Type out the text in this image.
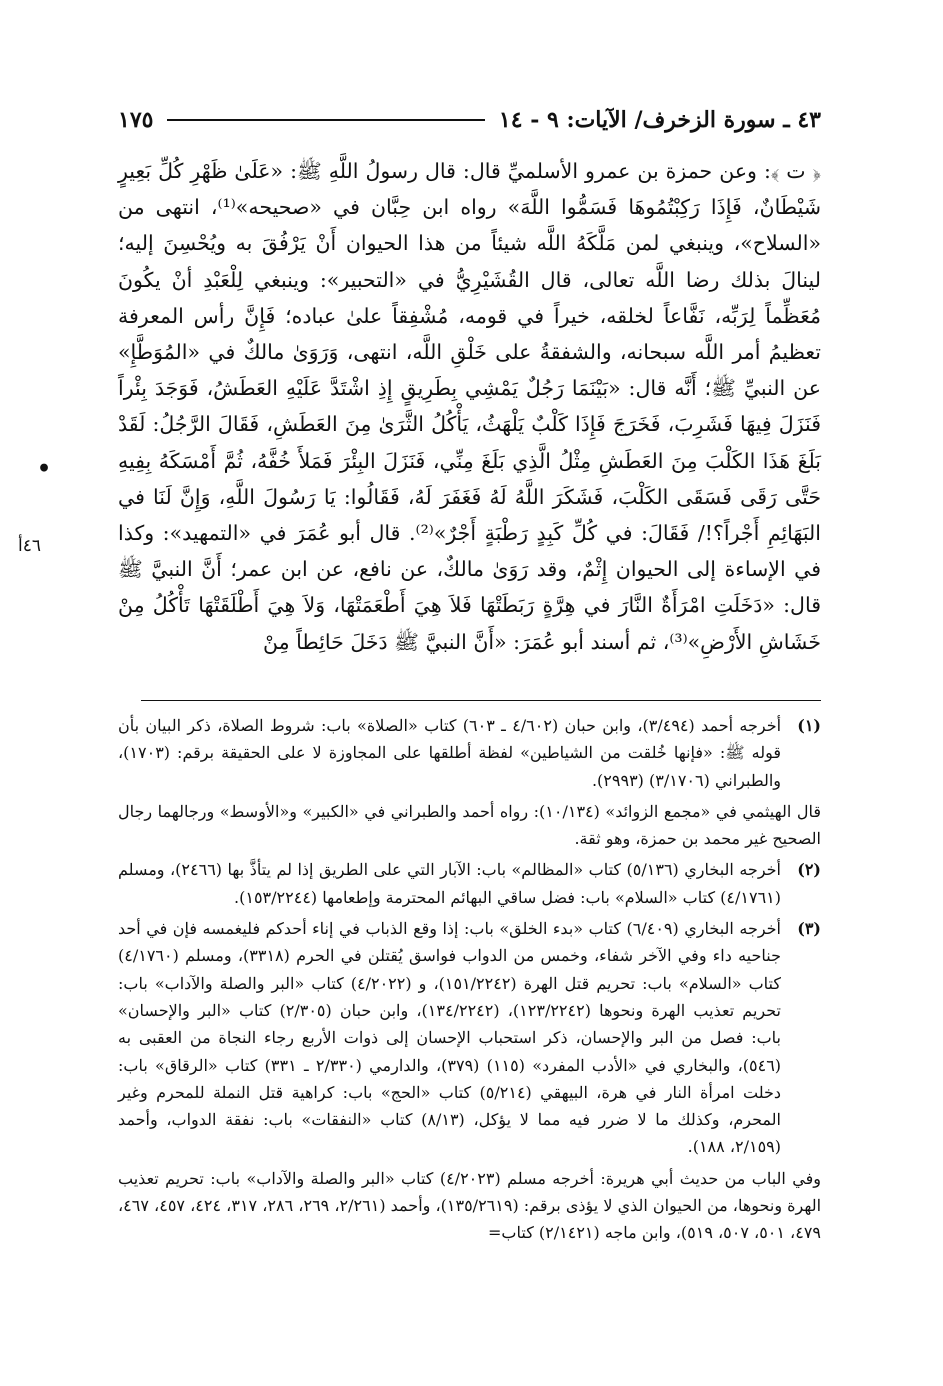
٤٣ ـ سورة الزخرف/ الآيات: ٩ - ١٤
١٧٥
•
٤٦أ

﴿ ت ﴾: وعن حمزة بن عمرو الأسلميِّ قال: قال رسولُ اللَّهِ ﷺ: «عَلَىٰ ظَهْرِ كُلِّ بَعِيرٍ شَيْطَانٌ، فَإِذَا رَكِبْتُمُوهَا فَسَمُّوا اللَّهَ» رواه ابن حِبَّان في «صحيحه»⁽¹⁾، انتهى من «السلاح»، وينبغي لمن مَلَّكَهُ اللَّه شيئاً من هذا الحيوان أَنْ يَرْفُقَ به ويُحْسِنَ إليه؛ لينالَ بذلك رضا اللَّه تعالى، قال القُشَيْرِيُّ في «التحبير»: وينبغي لِلْعَبْدِ أنْ يكُونَ مُعَظِّماً لِرَبِّه، نَفَّاعاً لخلقه، خيراً في قومه، مُشْفِقاً علىٰ عباده؛ فَإِنَّ رأس المعرفة تعظيمُ أمر اللَّه سبحانه، والشفقةُ على خَلْقِ اللَّه، انتهى، وَرَوَىٰ مالكٌ في «المُوَطَّإِ» عن النبيِّ ﷺ؛ أَنَّه قال: «بَيْنَمَا رَجُلٌ يَمْشِي بِطَرِيقٍ إِذِ اشْتَدَّ عَلَيْهِ العَطَشُ، فَوَجَدَ بِئْراً فَنَزَلَ فِيهَا فَشَرِبَ، فَخَرَجَ فَإِذَا كَلْبٌ يَلْهَثُ، يَأْكُلُ الثَّرَىٰ مِنَ العَطَشِ، فَقَالَ الرَّجُلُ: لَقَدْ بَلَغَ هَذَا الكَلْبَ مِنَ العَطَشِ مِثْلُ الَّذِي بَلَغَ مِنِّي، فَنَزَلَ البِئْرَ فَمَلأَ خُفَّهُ، ثُمَّ أَمْسَكَهُ بِفِيهِ حَتَّى رَقَى فَسَقَى الكَلْبَ، فَشَكَرَ اللَّهُ لَهُ فَغَفَرَ لَهُ، فَقَالُوا: يَا رَسُولَ اللَّهِ، وَإِنَّ لَنَا في البَهَائِمِ أَجْراً؟!/ فَقَالَ: في كُلِّ كَبِدٍ رَطْبَةٍ أَجْرٌ»⁽²⁾. قال أبو عُمَرَ في «التمهيد»: وكذا في الإساءة إلى الحيوان إِثْمٌ، وقد رَوَىٰ مالكٌ، عن نافع، عن ابن عمر؛ أَنَّ النبيَّ ﷺ قال: «دَخَلَتِ امْرَأَةٌ النَّارَ في هِرَّةٍ رَبَطَتْهَا فَلاَ هِيَ أَطْعَمَتْهَا، وَلاَ هِيَ أَطْلَقَتْهَا تَأْكُلُ مِنْ خَشَاشِ الأَرْضِ»⁽³⁾، ثم أسند أبو عُمَرَ: «أَنَّ النبيَّ ﷺ دَخَلَ حَائِطاً مِنْ

(١)

أخرجه أحمد (٣/٤٩٤)، وابن حبان (٤/٦٠٢ ـ ٦٠٣) كتاب «الصلاة» باب: شروط الصلاة، ذكر البيان بأن قوله ﷺ: «فإنها خُلقت من الشياطين» لفظة أطلقها على المجاوزة لا على الحقيقة برقم: (١٧٠٣)، والطبراني (٣/١٧٠٦) (٢٩٩٣).

قال الهيثمي في «مجمع الزوائد» (١٠/١٣٤): رواه أحمد والطبراني في «الكبير» و«الأوسط» ورجالهما رجال الصحيح غير محمد بن حمزة، وهو ثقة.

(٢)

أخرجه البخاري (٥/١٣٦) كتاب «المظالم» باب: الآبار التي على الطريق إذا لم يتأذَّ بها (٢٤٦٦)، ومسلم (٤/١٧٦١) كتاب «السلام» باب: فضل ساقي البهائم المحترمة وإطعامها (١٥٣/٢٢٤٤).

(٣)

أخرجه البخاري (٦/٤٠٩) كتاب «بدء الخلق» باب: إذا وقع الذباب في إناء أحدكم فليغمسه فإن في أحد جناحيه داء وفي الآخر شفاء، وخمس من الدواب فواسق يُقتلن في الحرم (٣٣١٨)، ومسلم (٤/١٧٦٠) كتاب «السلام» باب: تحريم قتل الهرة (١٥١/٢٢٤٢)، و (٤/٢٠٢٢) كتاب «البر والصلة والآداب» باب: تحريم تعذيب الهرة ونحوها (١٢٣/٢٢٤٢)، (١٣٤/٢٢٤٢)، وابن حبان (٢/٣٠٥) كتاب «البر والإحسان» باب: فصل من البر والإحسان، ذكر استحباب الإحسان إلى ذوات الأربع رجاء النجاة من العقبى به (٥٤٦)، والبخاري في «الأدب المفرد» (١١٥) (٣٧٩)، والدارمي (٢/٣٣٠ ـ ٣٣١) كتاب «الرقاق» باب: دخلت امرأة النار في هرة، البيهقي (٥/٢١٤) كتاب «الحج» باب: كراهية قتل النملة للمحرم وغير المحرم، وكذلك ما لا ضرر فيه مما لا يؤكل، (٨/١٣) كتاب «النفقات» باب: نفقة الدواب، وأحمد (٢/١٥٩، ١٨٨).

وفي الباب من حديث أبي هريرة: أخرجه مسلم (٤/٢٠٢٣) كتاب «البر والصلة والآداب» باب: تحريم تعذيب الهرة ونحوها، من الحيوان الذي لا يؤذى برقم: (١٣٥/٢٦١٩)، وأحمد (٢/٢٦١، ٢٦٩، ٢٨٦، ٣١٧، ٤٢٤، ٤٥٧، ٤٦٧، ٤٧٩، ٥٠١، ٥٠٧، ٥١٩)، وابن ماجه (٢/١٤٢١) كتاب=
